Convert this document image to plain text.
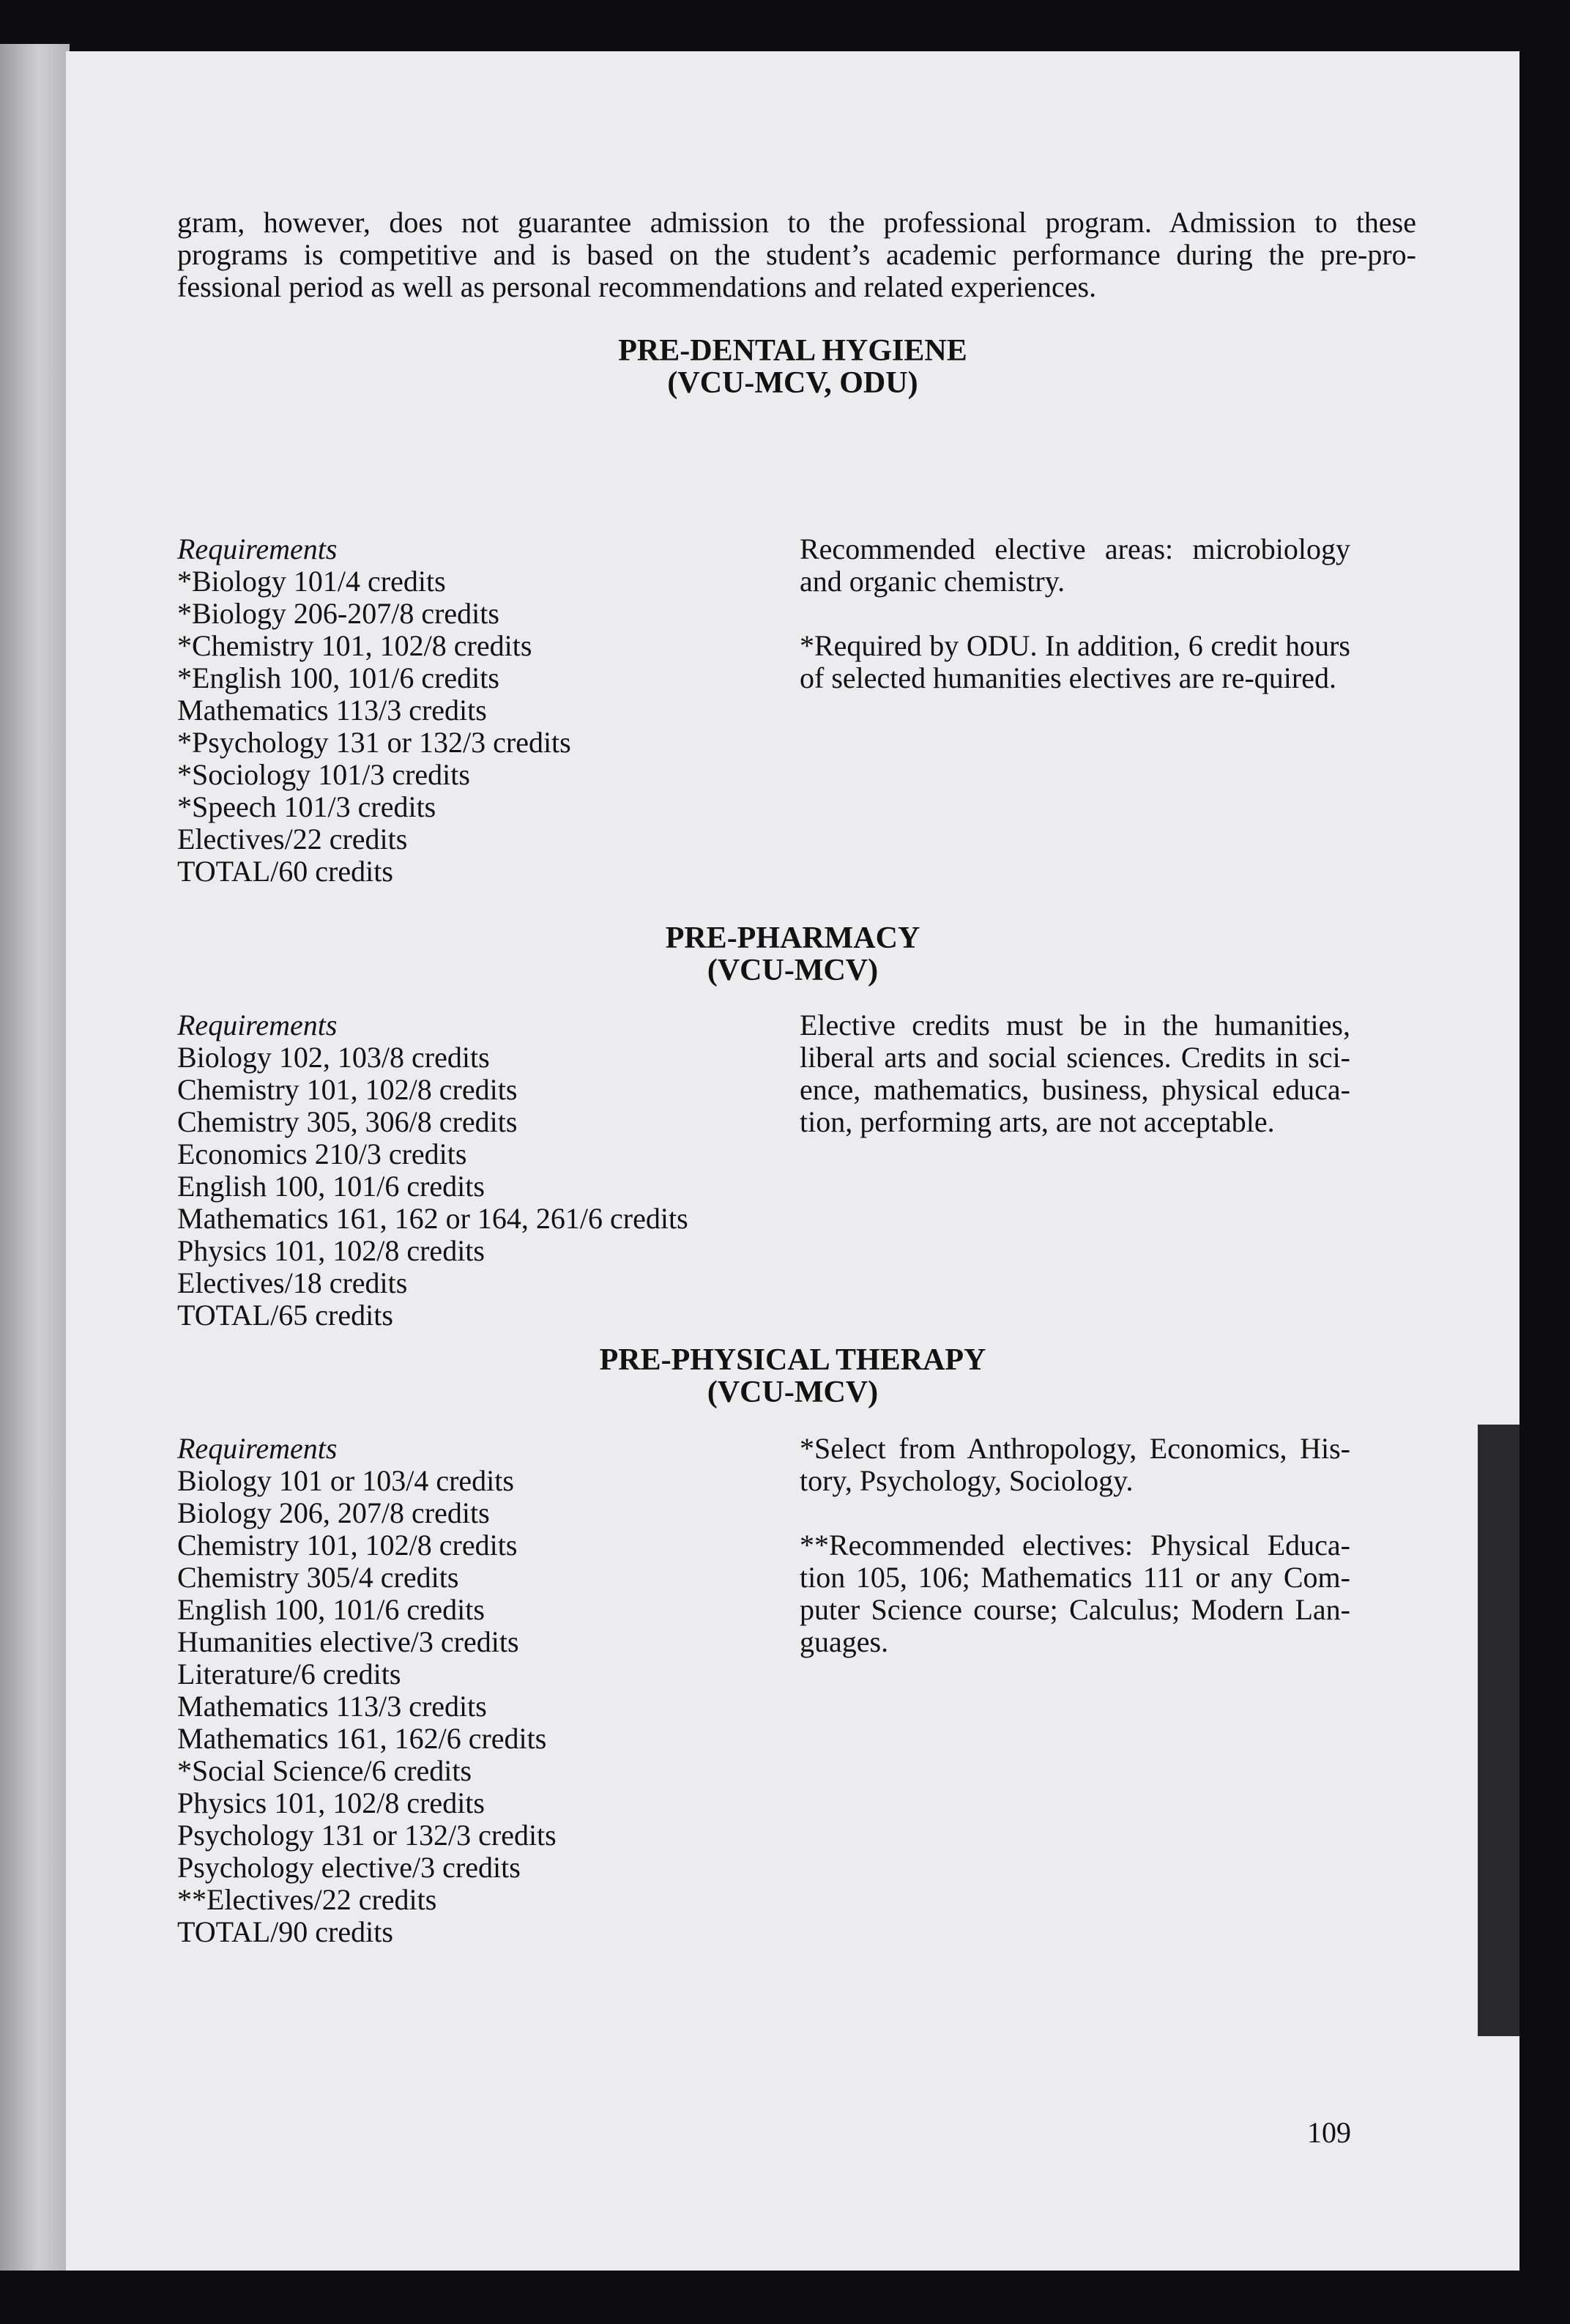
gram, however, does not guarantee admission to the professional program. Admission to these
programs is competitive and is based on the student’s academic performance during the pre-pro-
fessional period as well as personal recommendations and related experiences.
PRE-DENTAL HYGIENE
(VCU-MCV, ODU)
Requirements
*Biology 101/4 credits
*Biology 206-207/8 credits
*Chemistry 101, 102/8 credits
*English 100, 101/6 credits
Mathematics 113/3 credits
*Psychology 131 or 132/3 credits
*Sociology 101/3 credits
*Speech 101/3 credits
Electives/22 credits
TOTAL/60 credits

Recommended elective areas: microbiology and organic chemistry.

*Required by ODU. In addition, 6 credit hours of selected humanities electives are re-quired.

PRE-PHARMACY
(VCU-MCV)
Requirements
Biology 102, 103/8 credits
Chemistry 101, 102/8 credits
Chemistry 305, 306/8 credits
Economics 210/3 credits
English 100, 101/6 credits
Mathematics 161, 162 or 164, 261/6 credits
Physics 101, 102/8 credits
Electives/18 credits
TOTAL/65 credits

Elective credits must be in the humanities, liberal arts and social sciences. Credits in sci-ence, mathematics, business, physical educa-tion, performing arts, are not acceptable.

PRE-PHYSICAL THERAPY
(VCU-MCV)
Requirements
Biology 101 or 103/4 credits
Biology 206, 207/8 credits
Chemistry 101, 102/8 credits
Chemistry 305/4 credits
English 100, 101/6 credits
Humanities elective/3 credits
Literature/6 credits
Mathematics 113/3 credits
Mathematics 161, 162/6 credits
*Social Science/6 credits
Physics 101, 102/8 credits
Psychology 131 or 132/3 credits
Psychology elective/3 credits
**Electives/22 credits
TOTAL/90 credits

*Select from Anthropology, Economics, His-tory, Psychology, Sociology.

**Recommended electives: Physical Educa-tion 105, 106; Mathematics 111 or any Com-puter Science course; Calculus; Modern Lan-guages.

109
